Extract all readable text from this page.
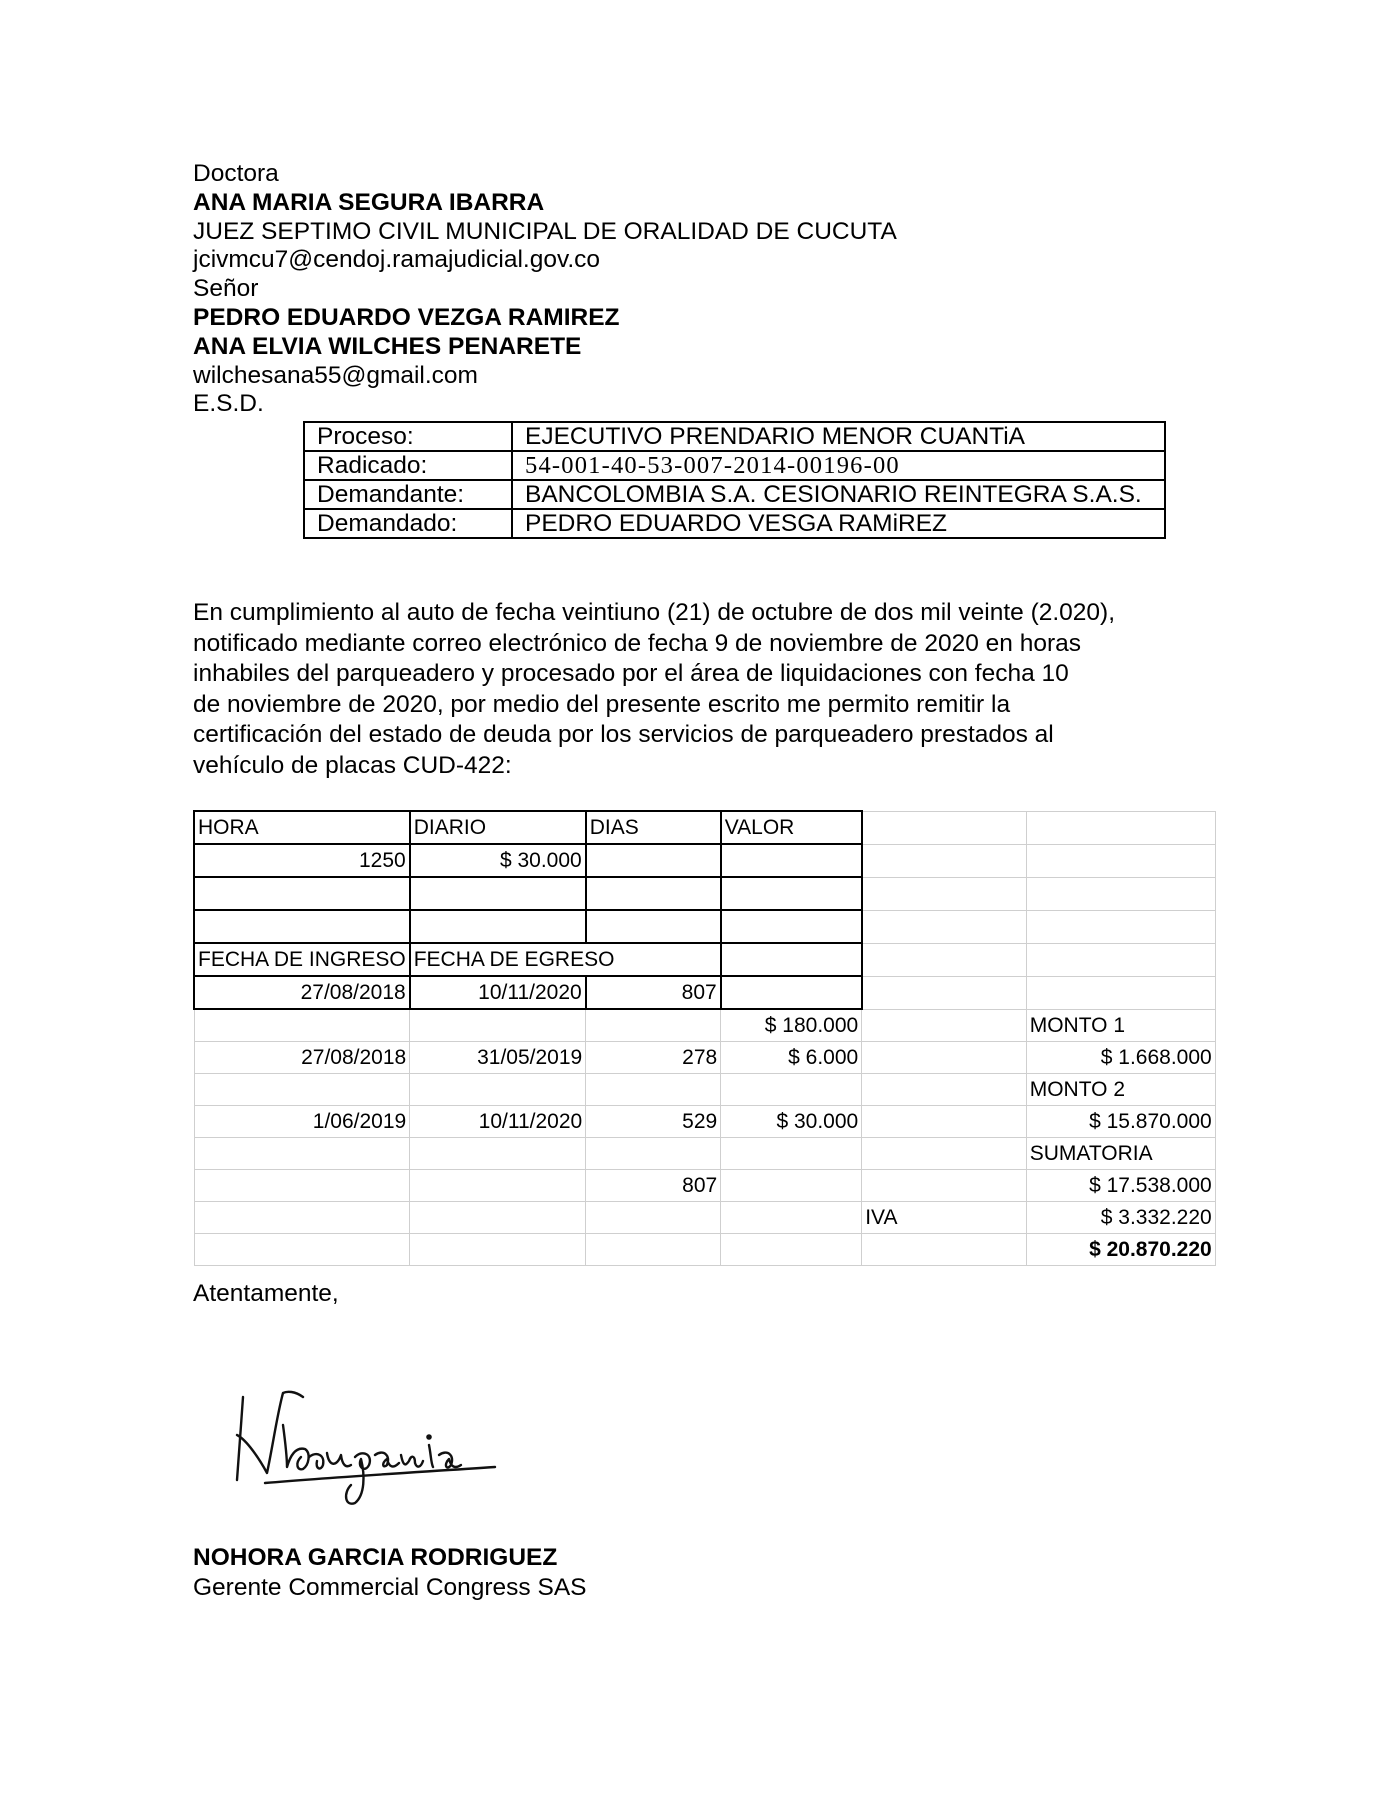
Doctora
ANA MARIA SEGURA IBARRA
JUEZ SEPTIMO CIVIL MUNICIPAL DE ORALIDAD DE CUCUTA
jcivmcu7@cendoj.ramajudicial.gov.co
Señor
PEDRO EDUARDO VEZGA RAMIREZ
ANA ELVIA WILCHES PENARETE
wilchesana55@gmail.com
E.S.D.
Proceso:	EJECUTIVO PRENDARIO MENOR CUANTiA
Radicado:	54-001-40-53-007-2014-00196-00
Demandante:	BANCOLOMBIA S.A. CESIONARIO REINTEGRA S.A.S.
Demandado:	PEDRO EDUARDO VESGA RAMiREZ
En cumplimiento al auto de fecha veintiuno (21) de octubre de dos mil veinte (2.020),
notificado mediante correo electrónico de fecha 9 de noviembre de 2020 en horas
inhabiles del parqueadero y procesado por el área de liquidaciones con fecha 10
de noviembre de 2020, por medio del presente escrito me permito remitir la
certificación del estado de deuda por los servicios de parqueadero prestados al
vehículo de placas CUD-422:
HORA	DIARIO	DIAS	VALOR		
1250	$ 30.000				

FECHA DE INGRESO	FECHA DE EGRESO				
27/08/2018	10/11/2020	807			
			$ 180.000		MONTO 1
27/08/2018	31/05/2019	278	$ 6.000		$ 1.668.000
					MONTO 2
1/06/2019	10/11/2020	529	$ 30.000		$ 15.870.000
					SUMATORIA
		807			$ 17.538.000
				IVA	$ 3.332.220
					$ 20.870.220
Atentamente,
NOHORA GARCIA RODRIGUEZ
Gerente Commercial Congress SAS
